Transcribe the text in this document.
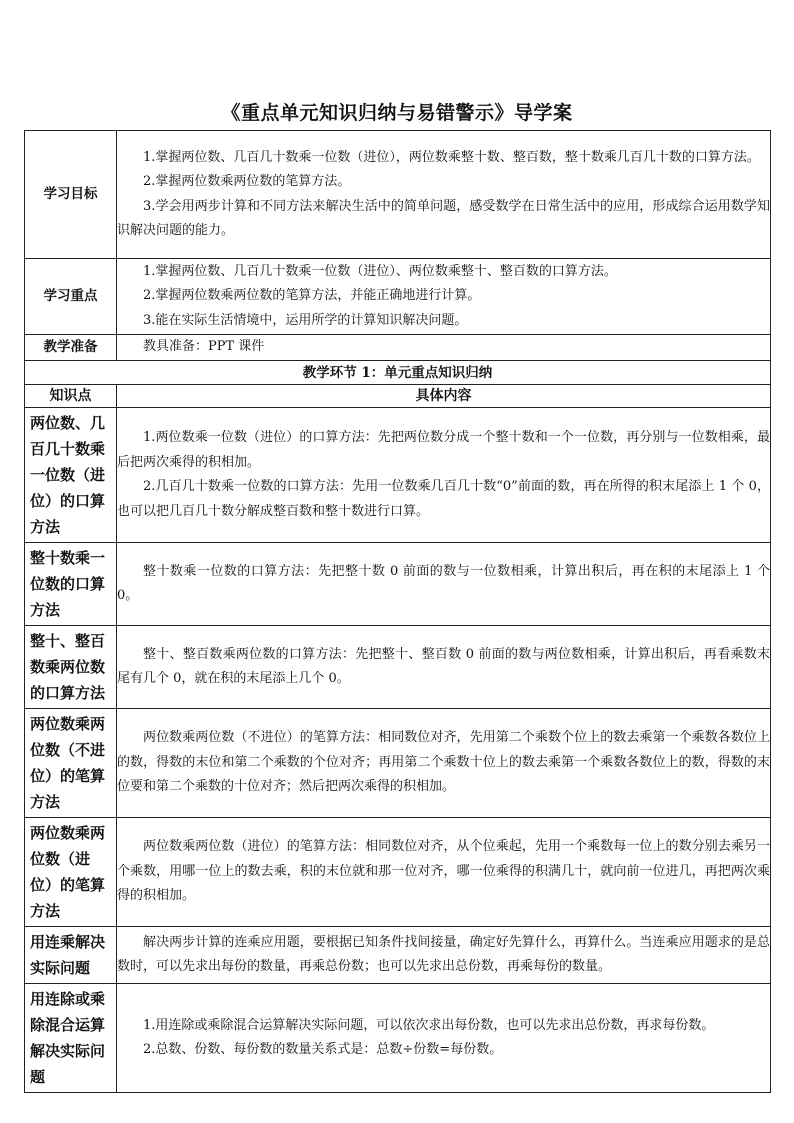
《重点单元知识归纳与易错警示》导学案
学习目标	1.掌握两位数、几百几十数乘一位数（进位），两位数乘整十数、整百数，整十数乘几百几十数的口算方法。
2.掌握两位数乘两位数的笔算方法。
3.学会用两步计算和不同方法来解决生活中的简单问题，感受数学在日常生活中的应用，形成综合运用数学知识解决问题的能力。

学习重点	1.掌握两位数、几百几十数乘一位数（进位）、两位数乘整十、整百数的口算方法。
2.掌握两位数乘两位数的笔算方法，并能正确地进行计算。
3.能在实际生活情境中，运用所学的计算知识解决问题。

教学准备	教具准备：PPT 课件

教学环节 1：单元重点知识归纳	
知识点	具体内容
两位数、几百几十数乘一位数（进位）的口算方法	1.两位数乘一位数（进位）的口算方法：先把两位数分成一个整十数和一个一位数，再分别与一位数相乘，最后把两次乘得的积相加。
2.几百几十数乘一位数的口算方法：先用一位数乘几百几十数“0”前面的数，再在所得的积末尾添上 1 个 0，也可以把几百几十数分解成整百数和整十数进行口算。

整十数乘一位数的口算方法	整十数乘一位数的口算方法：先把整十数 0 前面的数与一位数相乘，计算出积后，再在积的末尾添上 1 个 0。

整十、整百数乘两位数的口算方法	整十、整百数乘两位数的口算方法：先把整十、整百数 0 前面的数与两位数相乘，计算出积后，再看乘数末尾有几个 0，就在积的末尾添上几个 0。

两位数乘两位数（不进位）的笔算方法	两位数乘两位数（不进位）的笔算方法：相同数位对齐，先用第二个乘数个位上的数去乘第一个乘数各数位上的数，得数的末位和第二个乘数的个位对齐；再用第二个乘数十位上的数去乘第一个乘数各数位上的数，得数的末位要和第二个乘数的十位对齐；然后把两次乘得的积相加。

两位数乘两位数（进位）的笔算方法	两位数乘两位数（进位）的笔算方法：相同数位对齐，从个位乘起，先用一个乘数每一位上的数分别去乘另一个乘数，用哪一位上的数去乘，积的末位就和那一位对齐，哪一位乘得的积满几十，就向前一位进几，再把两次乘得的积相加。

用连乘解决实际问题	解决两步计算的连乘应用题，要根据已知条件找间接量，确定好先算什么，再算什么。当连乘应用题求的是总数时，可以先求出每份的数量，再乘总份数；也可以先求出总份数，再乘每份的数量。

用连除或乘除混合运算解决实际问题	1.用连除或乘除混合运算解决实际问题，可以依次求出每份数，也可以先求出总份数，再求每份数。
2.总数、份数、每份数的数量关系式是：总数÷份数=每份数。
